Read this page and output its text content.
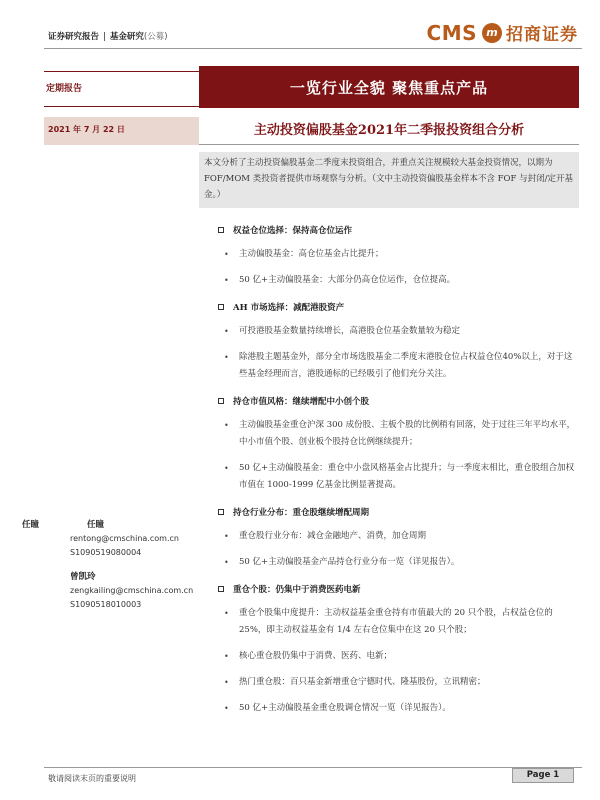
证券研究报告 | 基金研究(公募)	CMS m 招商证券
定期报告	一览行业全貌 聚焦重点产品
2021 年 7 月 22 日	主动投资偏股基金2021年二季报投资组合分析
本文分析了主动投资偏股基金二季度末投资组合，并重点关注规模较大基金投资情况，以期为 FOF/MOM 类投资者提供市场观察与分析。（文中主动投资偏股基金样本不含 FOF 与封闭/定开基金。）
权益仓位选择：保持高仓位运作
• 主动偏股基金：高仓位基金占比提升；
• 50 亿+主动偏股基金：大部分仍高仓位运作，仓位提高。
AH 市场选择：减配港股资产
• 可投港股基金数量持续增长，高港股仓位基金数量较为稳定
• 除港股主题基金外，部分全市场选股基金二季度末港股仓位占权益仓位40%以上，对于这些基金经理而言，港股通标的已经吸引了他们充分关注。
持仓市值风格：继续增配中小创个股
• 主动偏股基金重仓沪深 300 成份股、主板个股的比例稍有回落，处于过往三年平均水平，中小市值个股、创业板个股持仓比例继续提升；
• 50 亿+主动偏股基金：重仓中小盘风格基金占比提升；与一季度末相比，重仓股组合加权市值在 1000-1999 亿基金比例显著提高。
持仓行业分布：重仓股继续增配周期
• 重仓股行业分布：减仓金融地产、消费，加仓周期
• 50 亿+主动偏股基金产品持仓行业分布一览（详见报告）。
重仓个股： 仍集中于消费医药电新
• 重仓个股集中度提升：主动权益基金重仓持有市值最大的 20 只个股，占权益仓位的 25%，即主动权益基金有 1/4 左右仓位集中在这 20 只个股；
• 核心重仓股仍集中于消费、医药、电新；
• 热门重仓股：百只基金新增重仓宁德时代、隆基股份，立讯精密；
• 50 亿+主动偏股基金重仓股调仓情况一览（详见报告）。
任瞳	任瞳
rentong@cmschina.com.cn
S1090519080004
曾凯玲
zengkailing@cmschina.com.cn
S1090518010003
敬请阅读末页的重要说明	Page 1
